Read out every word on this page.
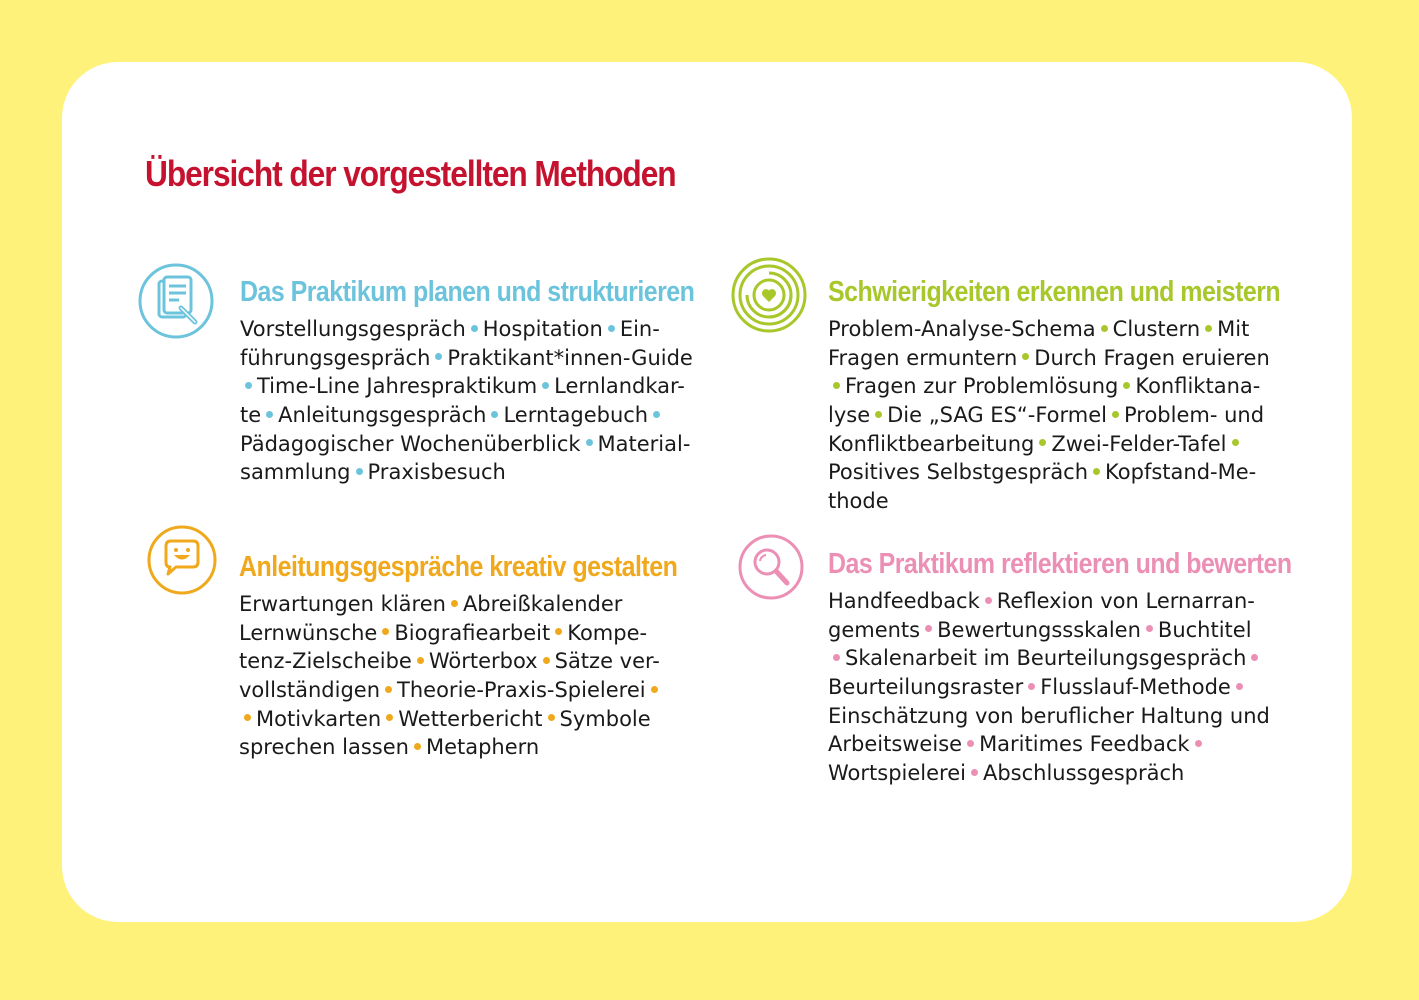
Übersicht der vorgestellten Methoden
Das Praktikum planen und strukturieren
Vorstellungsgespräch Hospitation Ein-
führungsgespräch Praktikant*innen-Guide
Time-Line Jahrespraktikum Lernlandkar-
te Anleitungsgespräch Lerntagebuch
Pädagogischer Wochenüberblick Material-
sammlung Praxisbesuch
Schwierigkeiten erkennen und meistern
Problem-Analyse-Schema Clustern Mit
Fragen ermuntern Durch Fragen eruieren
Fragen zur Problemlösung Konfliktana-
lyse Die „SAG ES“-Formel Problem- und
Konfliktbearbeitung Zwei-Felder-Tafel
Positives Selbstgespräch Kopfstand-Me-
thode
Anleitungsgespräche kreativ gestalten
Erwartungen klären Abreißkalender
Lernwünsche Biografiearbeit Kompe-
tenz-Zielscheibe Wörterbox Sätze ver-
vollständigen Theorie-Praxis-Spielerei
Motivkarten Wetterbericht Symbole
sprechen lassen Metaphern
Das Praktikum reflektieren und bewerten
Handfeedback Reflexion von Lernarran-
gements Bewertungssskalen Buchtitel
Skalenarbeit im Beurteilungsgespräch
Beurteilungsraster Flusslauf-Methode
Einschätzung von beruflicher Haltung und
Arbeitsweise Maritimes Feedback
Wortspielerei Abschlussgespräch
